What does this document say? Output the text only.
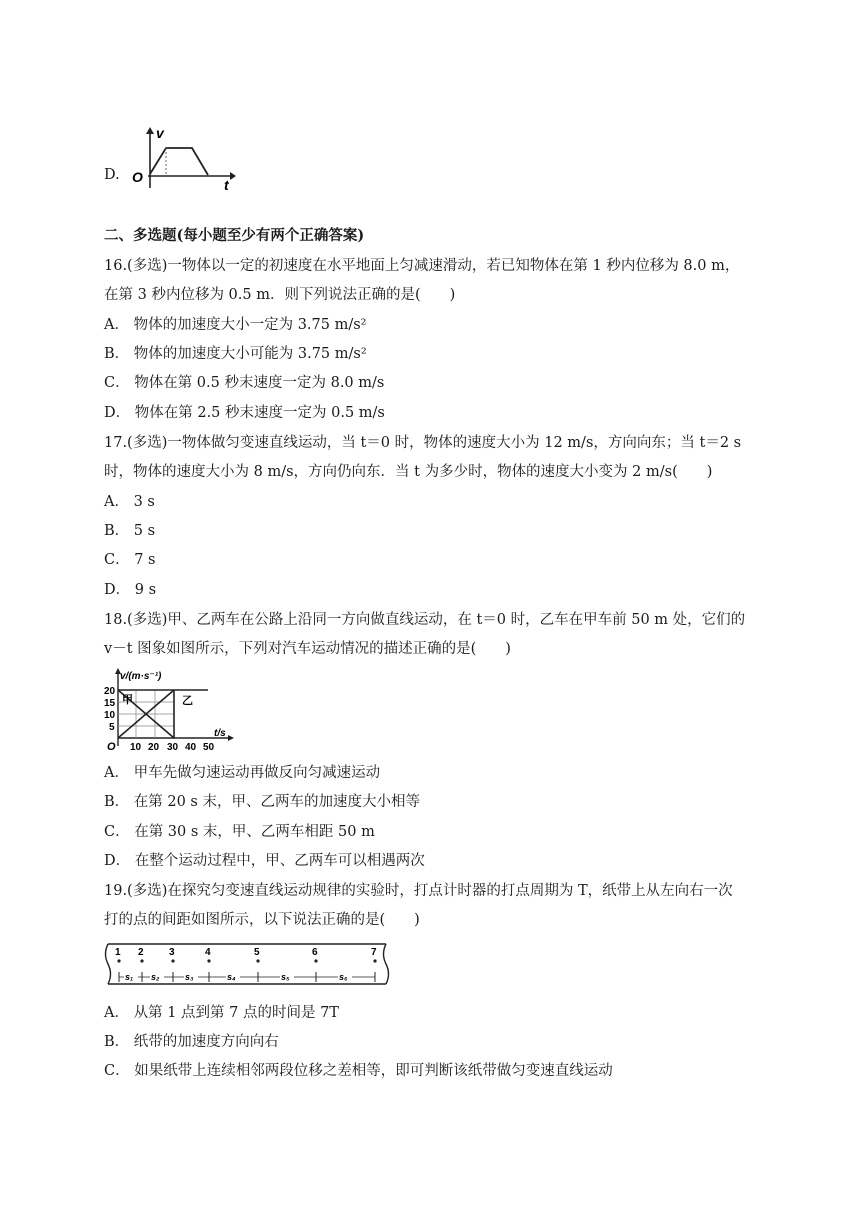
D.
v
t
O
二、多选题(每小题至少有两个正确答案)
16.(多选)一物体以一定的初速度在水平地面上匀减速滑动，若已知物体在第 1 秒内位移为 8.0 m，
在第 3 秒内位移为 0.5 m．则下列说法正确的是(　　)
A． 物体的加速度大小一定为 3.75 m/s²
B． 物体的加速度大小可能为 3.75 m/s²
C． 物体在第 0.5 秒末速度一定为 8.0 m/s
D． 物体在第 2.5 秒末速度一定为 0.5 m/s
17.(多选)一物体做匀变速直线运动，当 t＝0 时，物体的速度大小为 12 m/s，方向向东；当 t＝2 s
时，物体的速度大小为 8 m/s，方向仍向东．当 t 为多少时，物体的速度大小变为 2 m/s(　　)
A． 3 s
B． 5 s
C． 7 s
D． 9 s
18.(多选)甲、乙两车在公路上沿同一方向做直线运动，在 t＝0 时，乙车在甲车前 50 m 处，它们的
v－t 图象如图所示，下列对汽车运动情况的描述正确的是(　　)
v/(m·s⁻¹)
t/s
O
20
15
10
5
10 20 30 40 50
甲	乙
A． 甲车先做匀速运动再做反向匀减速运动
B． 在第 20 s 末，甲、乙两车的加速度大小相等
C． 在第 30 s 末，甲、乙两车相距 50 m
D． 在整个运动过程中，甲、乙两车可以相遇两次
19.(多选)在探究匀变速直线运动规律的实验时，打点计时器的打点周期为 T，纸带上从左向右一次
打的点的间距如图所示，以下说法正确的是(　　)
1 2	3	4	5	6	7
s₁ s₂	s₃	s₄	s₅	s₆
A． 从第 1 点到第 7 点的时间是 7T
B． 纸带的加速度方向向右
C． 如果纸带上连续相邻两段位移之差相等，即可判断该纸带做匀变速直线运动
